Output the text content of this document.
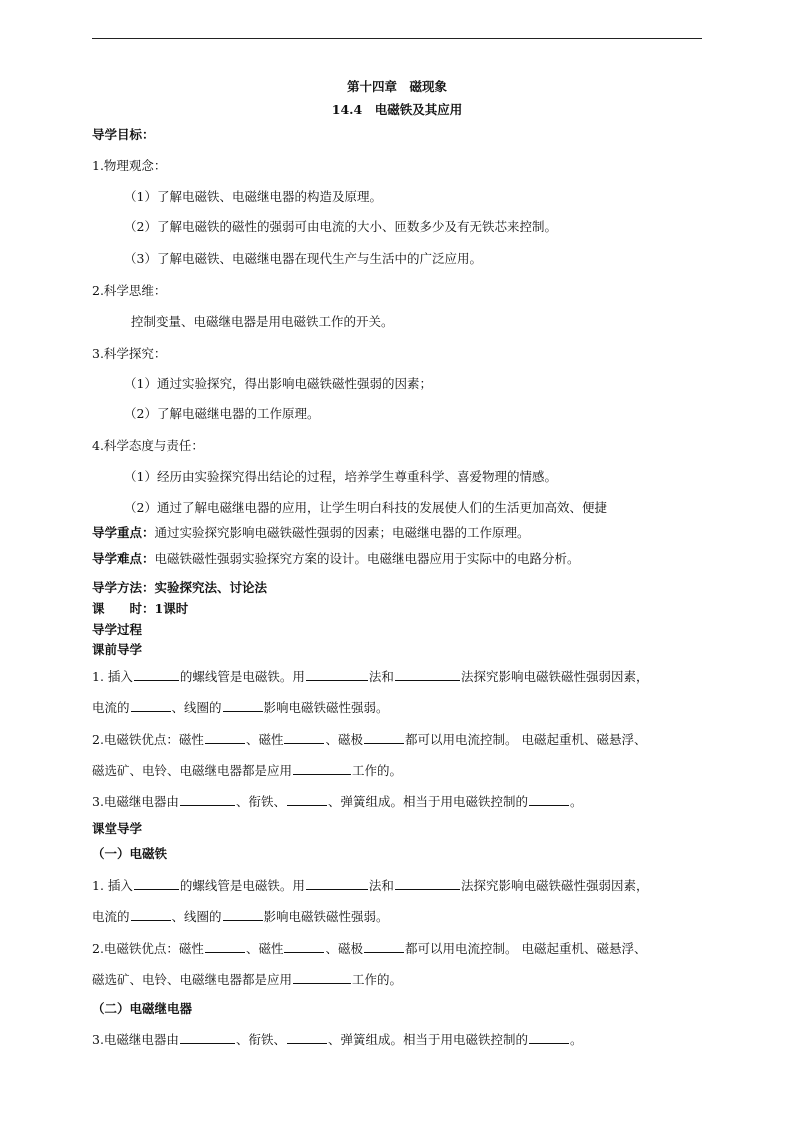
第十四章　磁现象
14.4　电磁铁及其应用
导学目标：
1.物理观念：
（1）了解电磁铁、电磁继电器的构造及原理。
（2）了解电磁铁的磁性的强弱可由电流的大小、匝数多少及有无铁芯来控制。
（3）了解电磁铁、电磁继电器在现代生产与生活中的广泛应用。
2.科学思维：
控制变量、电磁继电器是用电磁铁工作的开关。
3.科学探究：
（1）通过实验探究，得出影响电磁铁磁性强弱的因素；
（2）了解电磁继电器的工作原理。
4.科学态度与责任：
（1）经历由实验探究得出结论的过程，培养学生尊重科学、喜爱物理的情感。
（2）通过了解电磁继电器的应用，让学生明白科技的发展使人们的生活更加高效、便捷
导学重点：通过实验探究影响电磁铁磁性强弱的因素；电磁继电器的工作原理。
导学难点：电磁铁磁性强弱实验探究方案的设计。电磁继电器应用于实际中的电路分析。
导学方法：实验探究法、讨论法
课　　时：1课时
导学过程
课前导学
1. 插入	的螺线管是电磁铁。用	法和	法探究影响电磁铁磁性强弱因素，
电流的	、线圈的	影响电磁铁磁性强弱。
2.电磁铁优点：磁性	、磁性	、磁极	都可以用电流控制。 电磁起重机、磁悬浮、
磁选矿、电铃、电磁继电器都是应用	工作的。
3.电磁继电器由	、衔铁、	、弹簧组成。相当于用电磁铁控制的	。
课堂导学
（一）电磁铁
1. 插入	的螺线管是电磁铁。用	法和	法探究影响电磁铁磁性强弱因素，
电流的	、线圈的	影响电磁铁磁性强弱。
2.电磁铁优点：磁性	、磁性	、磁极	都可以用电流控制。 电磁起重机、磁悬浮、
磁选矿、电铃、电磁继电器都是应用	工作的。
（二）电磁继电器
3.电磁继电器由	、衔铁、	、弹簧组成。相当于用电磁铁控制的	。
